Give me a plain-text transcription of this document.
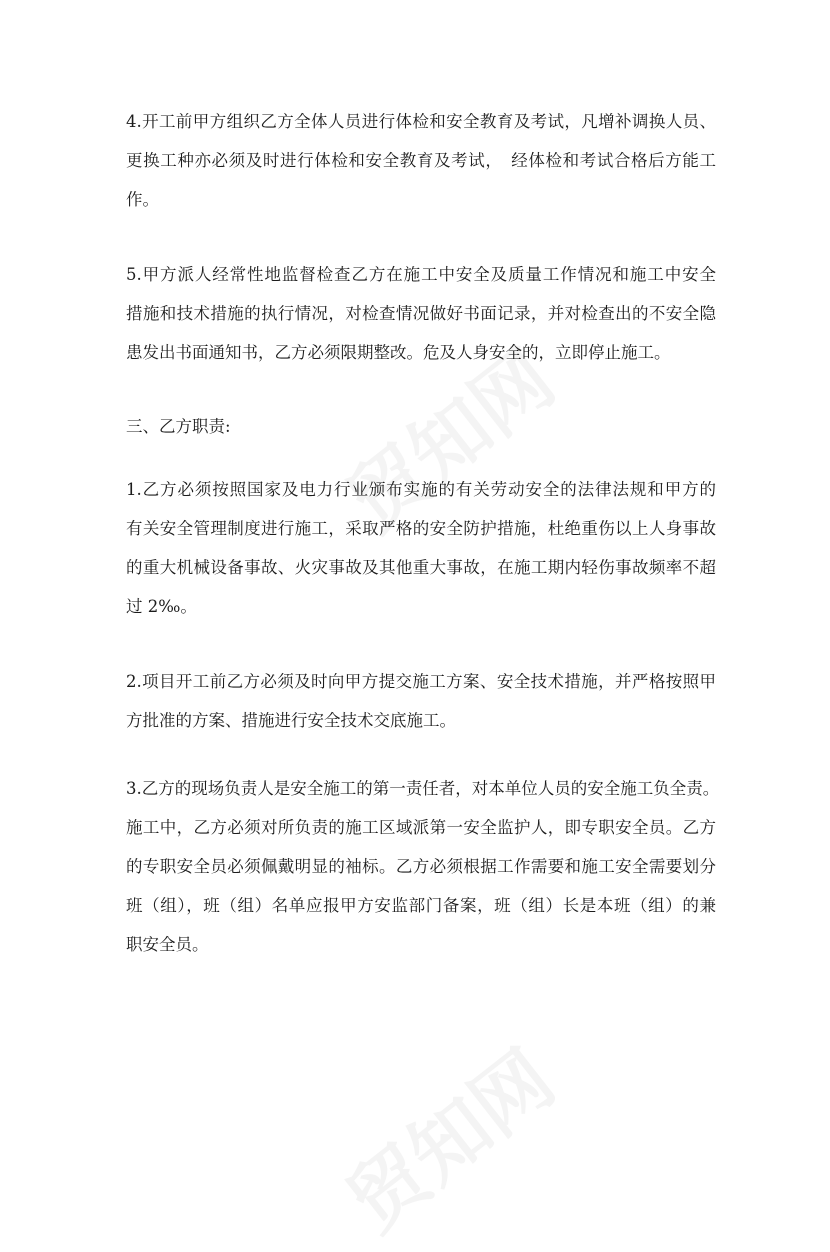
4.开工前甲方组织乙方全体人员进行体检和安全教育及考试，凡增补调换人员、
更换工种亦必须及时进行体检和安全教育及考试，　经体检和考试合格后方能工
作。
5.甲方派人经常性地监督检查乙方在施工中安全及质量工作情况和施工中安全
措施和技术措施的执行情况，对检查情况做好书面记录，并对检查出的不安全隐
患发出书面通知书，乙方必须限期整改。危及人身安全的，立即停止施工。
三、乙方职责:
1.乙方必须按照国家及电力行业颁布实施的有关劳动安全的法律法规和甲方的
有关安全管理制度进行施工，采取严格的安全防护措施，杜绝重伤以上人身事故
的重大机械设备事故、火灾事故及其他重大事故，在施工期内轻伤事故频率不超
过 2‰。
2.项目开工前乙方必须及时向甲方提交施工方案、安全技术措施，并严格按照甲
方批准的方案、措施进行安全技术交底施工。
3.乙方的现场负责人是安全施工的第一责任者，对本单位人员的安全施工负全责。
施工中，乙方必须对所负责的施工区域派第一安全监护人，即专职安全员。乙方
的专职安全员必须佩戴明显的袖标。乙方必须根据工作需要和施工安全需要划分
班（组），班（组）名单应报甲方安监部门备案，班（组）长是本班（组）的兼
职安全员。
